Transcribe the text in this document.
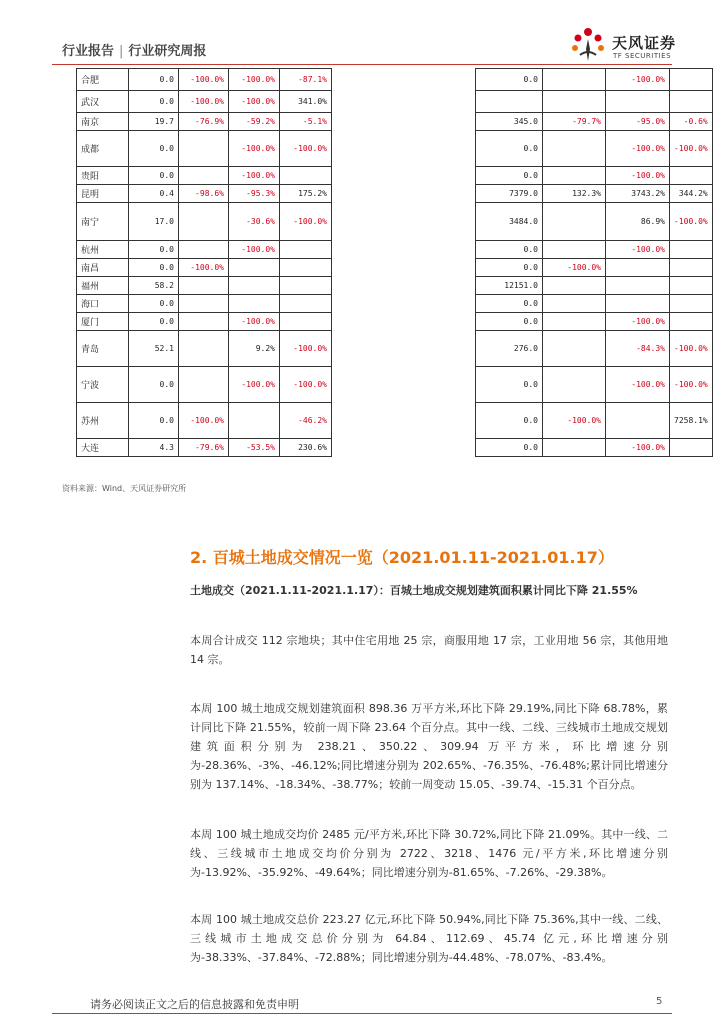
行业报告 | 行业研究周报	天风证券
TF SECURITIES
合肥	0.0	-100.0%	-100.0%	-87.1%		0.0		-100.0%	
武汉	0.0	-100.0%	-100.0%	341.0%					
南京	19.7	-76.9%	-59.2%	-5.1%		345.0	-79.7%	-95.0%	-0.6%
成都	0.0		-100.0%	-100.0%		0.0		-100.0%	-100.0%
贵阳	0.0		-100.0%			0.0		-100.0%	
昆明	0.4	-98.6%	-95.3%	175.2%		7379.0	132.3%	3743.2%	344.2%
南宁	17.0		-30.6%	-100.0%		3484.0		86.9%	-100.0%
杭州	0.0		-100.0%			0.0		-100.0%	
南昌	0.0	-100.0%				0.0	-100.0%		
福州	58.2					12151.0			
海口	0.0					0.0			
厦门	0.0		-100.0%			0.0		-100.0%	
青岛	52.1		9.2%	-100.0%		276.0		-84.3%	-100.0%
宁波	0.0		-100.0%	-100.0%		0.0		-100.0%	-100.0%
苏州	0.0	-100.0%		-46.2%		0.0	-100.0%		7258.1%
大连	4.3	-79.6%	-53.5%	230.6%		0.0		-100.0%	
资料来源：Wind、天风证券研究所
2. 百城土地成交情况一览（2021.01.11-2021.01.17）
土地成交（2021.1.11-2021.1.17）：百城土地成交规划建筑面积累计同比下降 21.55%
本周合计成交 112 宗地块；其中住宅用地 25 宗，商服用地 17 宗，工业用地 56 宗，其他用地 14 宗。
本周 100 城土地成交规划建筑面积 898.36 万平方米,环比下降 29.19%,同比下降 68.78%，累计同比下降 21.55%，较前一周下降 23.64 个百分点。其中一线、二线、三线城市土地成交规划建筑面积分别为 238.21、350.22、309.94 万平方米，环比增速分别为-28.36%、-3%、-46.12%;同比增速分别为 202.65%、-76.35%、-76.48%;累计同比增速分别为 137.14%、-18.34%、-38.77%；较前一周变动 15.05、-39.74、-15.31 个百分点。
本周 100 城土地成交均价 2485 元/平方米,环比下降 30.72%,同比下降 21.09%。其中一线、二线、三线城市土地成交均价分别为 2722、3218、1476 元/平方米,环比增速分别为-13.92%、-35.92%、-49.64%；同比增速分别为-81.65%、-7.26%、-29.38%。
本周 100 城土地成交总价 223.27 亿元,环比下降 50.94%,同比下降 75.36%,其中一线、二线、三线城市土地成交总价分别为 64.84、112.69、45.74 亿元,环比增速分别为-38.33%、-37.84%、-72.88%；同比增速分别为-44.48%、-78.07%、-83.4%。
请务必阅读正文之后的信息披露和免责申明	5
